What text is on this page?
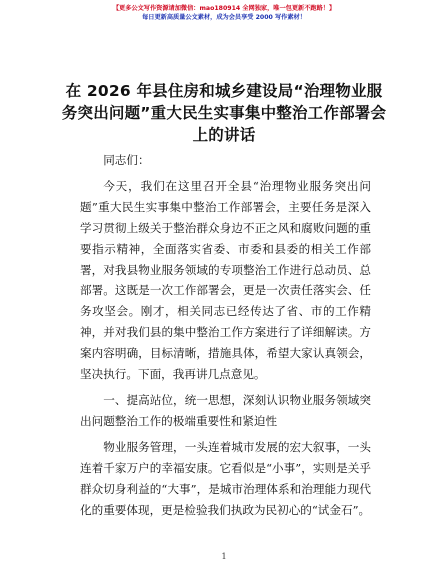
【更多公文写作资源请加微信：mao180914 全网独家，唯一包更新不跑路！】
每日更新高质量公文素材，成为会员享受 2000 写作素材！
在 2026 年县住房和城乡建设局“治理物业服务突出问题”重大民生实事集中整治工作部署会上的讲话

同志们：

今天，我们在这里召开全县“治理物业服务突出问题”重大民生实事集中整治工作部署会，主要任务是深入学习贯彻上级关于整治群众身边不正之风和腐败问题的重要指示精神，全面落实省委、市委和县委的相关工作部署，对我县物业服务领域的专项整治工作进行总动员、总部署。这既是一次工作部署会，更是一次责任落实会、任务攻坚会。刚才，相关同志已经传达了省、市的工作精神，并对我们县的集中整治工作方案进行了详细解读。方案内容明确，目标清晰，措施具体，希望大家认真领会，坚决执行。下面，我再讲几点意见。

一、提高站位，统一思想，深刻认识物业服务领域突出问题整治工作的极端重要性和紧迫性

物业服务管理，一头连着城市发展的宏大叙事，一头连着千家万户的幸福安康。它看似是“小事”，实则是关乎群众切身利益的“大事”，是城市治理体系和治理能力现代化的重要体现，更是检验我们执政为民初心的“试金石”。

1
